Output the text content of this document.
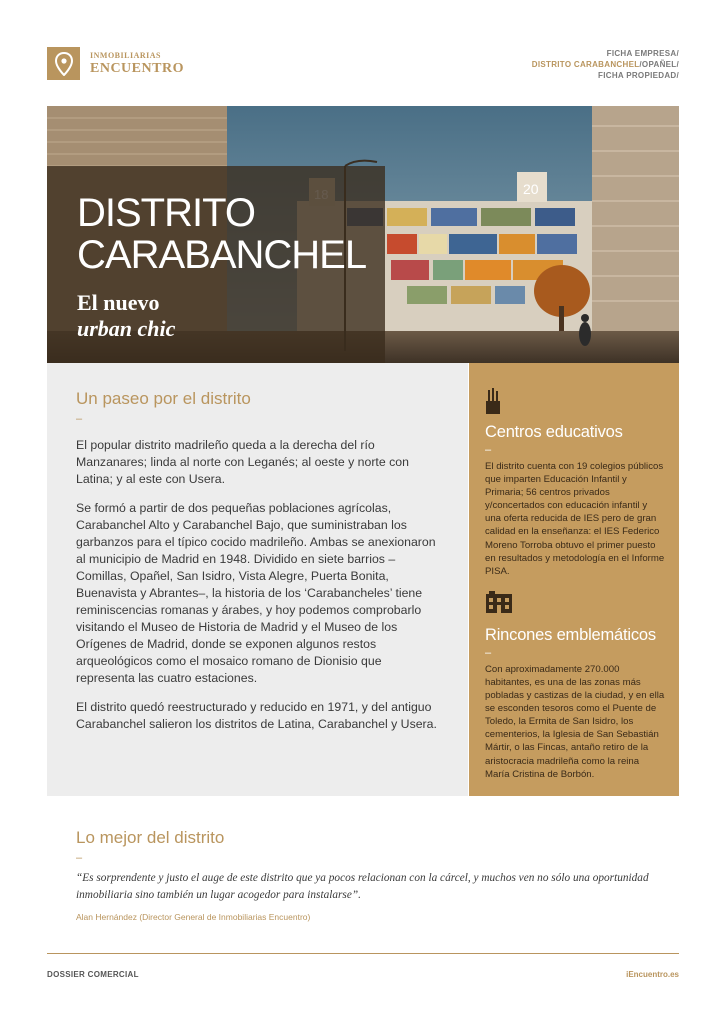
INMOBILIARIAS
ENCUENTRO
FICHA EMPRESA/
DISTRITO CARABANCHEL/OPAÑEL/
FICHA PROPIEDAD/
20
DISTRITO CARABANCHEL
El nuevo
urban chic
Un paseo por el distrito
–

El popular distrito madrileño queda a la derecha del río Manzanares; linda al norte con Leganés; al oeste y norte con Latina; y al este con Usera.

Se formó a partir de dos pequeñas poblaciones agrícolas, Carabanchel Alto y Carabanchel Bajo, que suministraban los garbanzos para el típico cocido madrileño. Ambas se anexionaron al municipio de Madrid en 1948. Dividido en siete barrios –Comillas, Opañel, San Isidro, Vista Alegre, Puerta Bonita, Buenavista y Abrantes–, la historia de los ‘Carabancheles’ tiene reminiscencias romanas y árabes, y hoy podemos comprobarlo visitando el Museo de Historia de Madrid y el Museo de los Orígenes de Madrid, donde se exponen algunos restos arqueológicos como el mosaico romano de Dionisio que representa las cuatro estaciones.

El distrito quedó reestructurado y reducido en 1971, y del antiguo Carabanchel salieron los distritos de Latina, Carabanchel y Usera.

Centros educativos
–

El distrito cuenta con 19 colegios públicos que imparten Educación Infantil y Primaria; 56 centros privados y/concertados con educación infantil y una oferta reducida de IES pero de gran calidad en la enseñanza: el IES Federico Moreno Torroba obtuvo el primer puesto en resultados y metodología en el Informe PISA.

Rincones emblemáticos
–

Con aproximadamente 270.000 habitantes, es una de las zonas más pobladas y castizas de la ciudad, y en ella se esconden tesoros como el Puente de Toledo, la Ermita de San Isidro, los cementerios, la Iglesia de San Sebastián Mártir, o las Fincas, antaño retiro de la aristocracia madrileña como la reina María Cristina de Borbón.

Lo mejor del distrito
–
“Es sorprendente y justo el auge de este distrito que ya pocos relacionan con la cárcel, y muchos ven no sólo una oportunidad inmobiliaria sino también un lugar acogedor para instalarse”.
Alan Hernández (Director General de Inmobiliarias Encuentro)
DOSSIER COMERCIAL	iEncuentro.es
